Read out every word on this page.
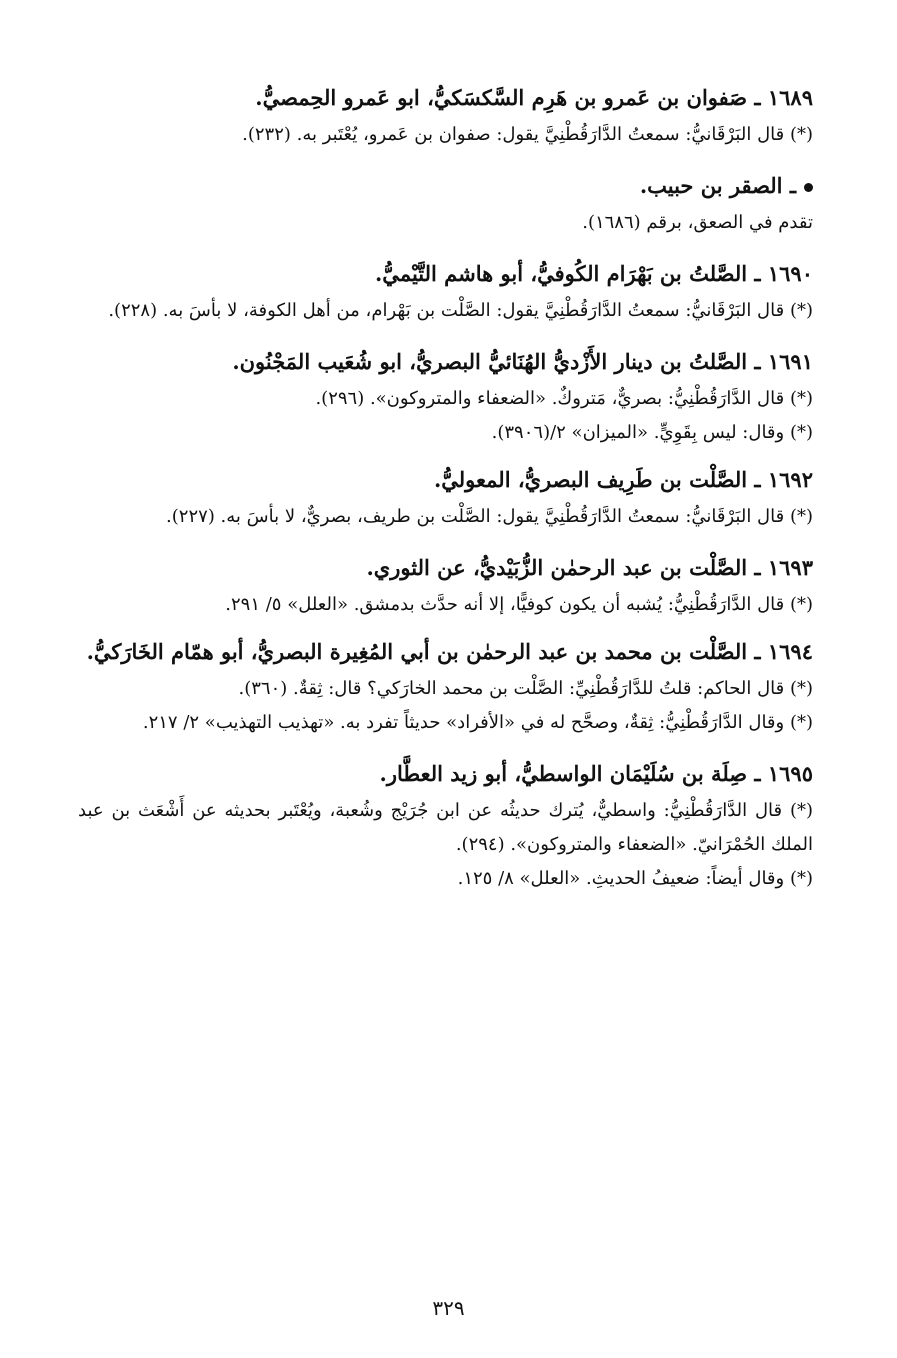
١٦٨٩ ـ صَفوان بن عَمرو بن هَرِم السَّكسَكيُّ، ابو عَمرو الحِمصيُّ.

(*) قال البَرْقَانيُّ: سمعتُ الدَّارَقُطْنِيَّ يقول: صفوان بن عَمرو، يُعْتَبر به. (٢٣٢).

ـ الصقر بن حبيب.

تقدم في الصعق، برقم (١٦٨٦).

١٦٩٠ ـ الصَّلتُ بن بَهْرَام الكُوفيُّ، أبو هاشم التَّيْميُّ.

(*) قال البَرْقَانيُّ: سمعتُ الدَّارَقُطْنِيَّ يقول: الصَّلْت بن بَهْرام، من أهل الكوفة، لا بأسَ به. (٢٢٨).

١٦٩١ ـ الصَّلتُ بن دينار الأَزْديُّ الهُنَائيُّ البصريُّ، ابو شُعَيب المَجْنُون.

(*) قال الدَّارَقُطْنِيُّ: بصريٌّ، مَتروكٌ. «الضعفاء والمتروكون». (٢٩٦).

(*) وقال: ليس بِقَوِيٍّ. «الميزان» ٢/(٣٩٠٦).

١٦٩٢ ـ الصَّلْت بن طَرِيف البصريُّ، المعوليُّ.

(*) قال البَرْقَانيُّ: سمعتُ الدَّارَقُطْنِيَّ يقول: الصَّلْت بن طريف، بصريٌّ، لا بأسَ به. (٢٢٧).

١٦٩٣ ـ الصَّلْت بن عبد الرحمٰن الزُّبَيْديُّ، عن الثوري.

(*) قال الدَّارَقُطْنِيُّ: يُشبه أن يكون كوفيًّا، إلا أنه حدَّث بدمشق. «العلل» ٥/ ٢٩١.

١٦٩٤ ـ الصَّلْت بن محمد بن عبد الرحمٰن بن أبي المُغِيرة البصريُّ، أبو همّام الخَارَكيُّ.

(*) قال الحاكم: قلتُ للدَّارَقُطْنِيِّ: الصَّلْت بن محمد الخارَكي؟ قال: ثِقةٌ. (٣٦٠).

(*) وقال الدَّارَقُطْنِيُّ: ثِقةٌ، وصحَّح له في «الأفراد» حديثاً تفرد به. «تهذيب التهذيب» ٢/ ٢١٧.

١٦٩٥ ـ صِلَة بن سُلَيْمَان الواسطيُّ، أبو زيد العطَّار.

(*) قال الدَّارَقُطْنِيُّ: واسطيٌّ، يُترك حديثُه عن ابن جُرَيْج وشُعبة، ويُعْتَبر بحديثه عن أَشْعَث بن عبد الملك الحُمْرَانيّ. «الضعفاء والمتروكون». (٢٩٤).

(*) وقال أيضاً: ضعيفُ الحديثِ. «العلل» ٨/ ١٢٥.

٣٢٩
